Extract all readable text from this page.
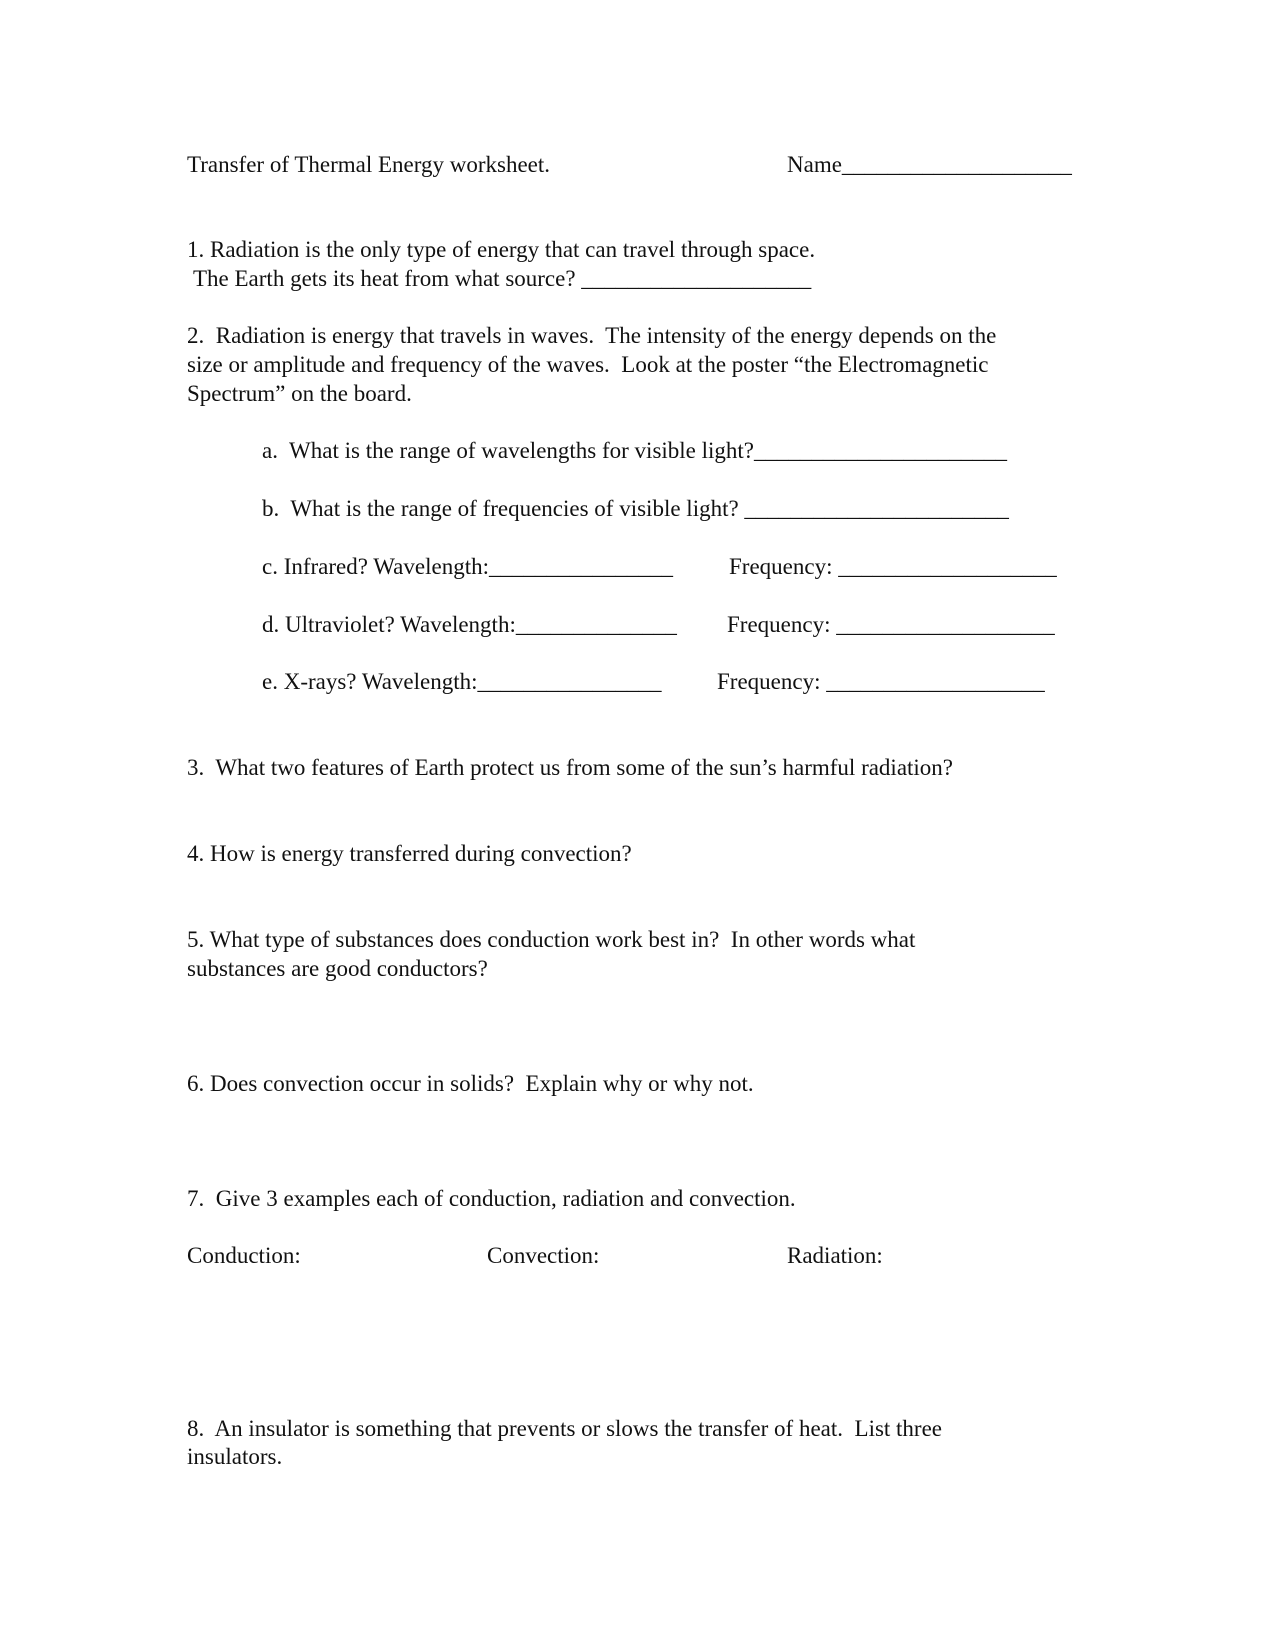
Transfer of Thermal Energy worksheet.	Name____________________
1. Radiation is the only type of energy that can travel through space.
The Earth gets its heat from what source? ____________________
2.  Radiation is energy that travels in waves.  The intensity of the energy depends on the
size or amplitude and frequency of the waves.  Look at the poster “the Electromagnetic
Spectrum” on the board.
a.  What is the range of wavelengths for visible light?______________________
b.  What is the range of frequencies of visible light? _______________________
c. Infrared? Wavelength:________________ Frequency: ___________________
d. Ultraviolet? Wavelength:______________ Frequency: ___________________
e. X-rays? Wavelength:________________ Frequency: ___________________
3.  What two features of Earth protect us from some of the sun’s harmful radiation?
4. How is energy transferred during convection?
5. What type of substances does conduction work best in?  In other words what
substances are good conductors?
6. Does convection occur in solids?  Explain why or why not.
7.  Give 3 examples each of conduction, radiation and convection.
Conduction:	Convection:	Radiation:
8.  An insulator is something that prevents or slows the transfer of heat.  List three
insulators.
